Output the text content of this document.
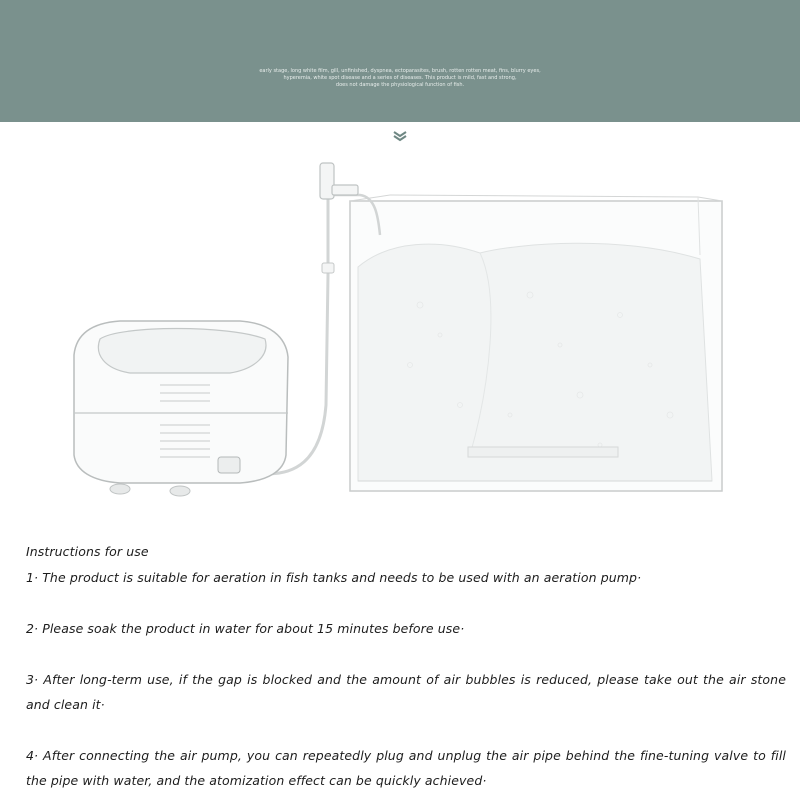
early stage, long white film, gill, unfinished, dyspnea, ectoparasites, brush, rotten rotten meat, fins, blurry eyes,
hyperemia, white spot disease and a series of diseases. This product is mild, fast and strong,
does not damage the physiological function of fish.

Instructions for use

1· The product is suitable for aeration in fish tanks and needs to be used with an aeration pump·

2· Please soak the product in water for about 15 minutes before use·

3· After long-term use, if the gap is blocked and the amount of air bubbles is reduced, please take out the air stone and clean it·

4· After connecting the air pump, you can repeatedly plug and unplug the air pipe behind the fine-tuning valve to fill the pipe with water, and the atomization effect can be quickly achieved·
